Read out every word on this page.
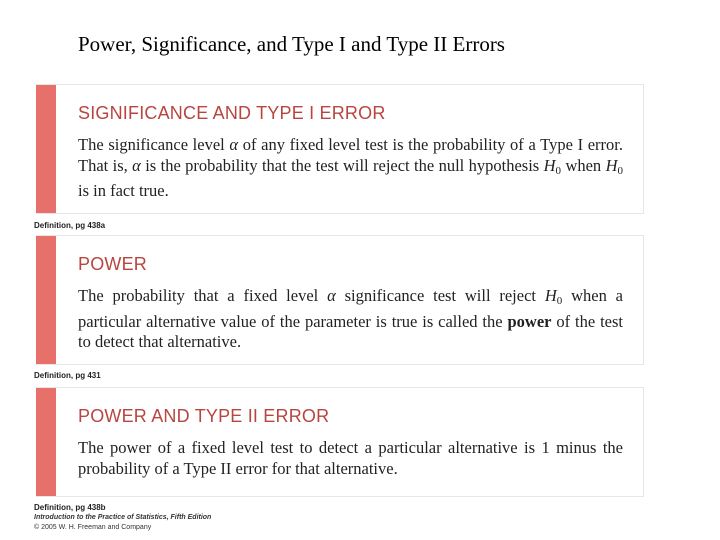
Power, Significance, and Type I and Type II Errors
SIGNIFICANCE AND TYPE I ERROR
The significance level α of any fixed level test is the probability of a Type I error. That is, α is the probability that the test will reject the null hypothesis $H_0$ when $H_0$ is in fact true.
Definition, pg 438a
POWER
The probability that a fixed level α significance test will reject $H_0$ when a particular alternative value of the parameter is true is called the power of the test to detect that alternative.
Definition, pg 431
POWER AND TYPE II ERROR
The power of a fixed level test to detect a particular alternative is 1 minus the probability of a Type II error for that alternative.
Definition, pg 438b
Introduction to the Practice of Statistics, Fifth Edition
© 2005 W. H. Freeman and Company
